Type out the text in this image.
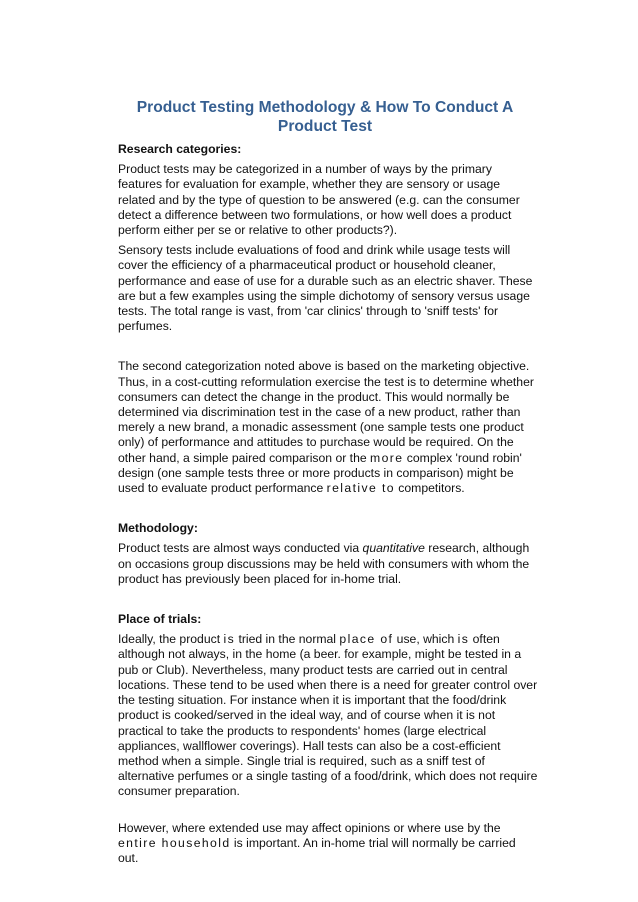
Product Testing Methodology & How To Conduct A Product Test
Research categories:

Product tests may be categorized in a number of ways by the primary features for evaluation for example, whether they are sensory or usage related and by the type of question to be answered (e.g. can the consumer detect a difference between two formulations, or how well does a product perform either per se or relative to other products?).

Sensory tests include evaluations of food and drink while usage tests will cover the efficiency of a pharmaceutical product or household cleaner, performance and ease of use for a durable such as an electric shaver. These are but a few examples using the simple dichotomy of sensory versus usage tests. The total range is vast, from 'car clinics' through to 'sniff tests' for perfumes.

The second categorization noted above is based on the marketing objective. Thus, in a cost-cutting reformulation exercise the test is to determine whether consumers can detect the change in the product. This would normally be determined via discrimination test in the case of a new product, rather than merely a new brand, a monadic assessment (one sample tests one product only) of performance and attitudes to purchase would be required. On the other hand, a simple paired comparison or the more complex 'round robin' design (one sample tests three or more products in comparison) might be used to evaluate product performance relative to competitors.

Methodology:

Product tests are almost ways conducted via quantitative research, although on occasions group discussions may be held with consumers with whom the product has previously been placed for in-home trial.

Place of trials:

Ideally, the product is tried in the normal place of use, which is often although not always, in the home (a beer. for example, might be tested in a pub or Club). Nevertheless, many product tests are carried out in central locations. These tend to be used when there is a need for greater control over the testing situation. For instance when it is important that the food/drink product is cooked/served in the ideal way, and of course when it is not practical to take the products to respondents' homes (large electrical appliances, wallflower coverings). Hall tests can also be a cost-efficient method when a simple. Single trial is required, such as a sniff test of alternative perfumes or a single tasting of a food/drink, which does not require consumer preparation.

However, where extended use may affect opinions or where use by the entire household is important. An in-home trial will normally be carried out.
